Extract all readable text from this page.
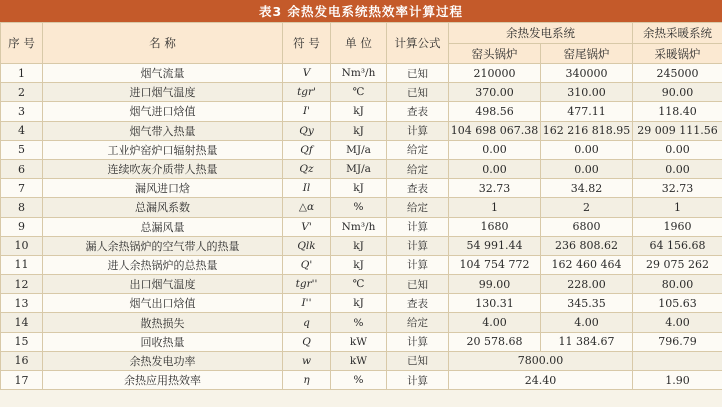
表3 余热发电系统热效率计算过程
序 号	名 称	符 号	单 位	计算公式	余热发电系统		余热采暖系统
					窑头锅炉	窑尾锅炉	采暖锅炉
1	烟气流量	V	Nm³/h	已知	210000	340000	245000
2	进口烟气温度	tgr'	℃	已知	370.00	310.00	90.00
3	烟气进口焓值	I'	kJ	查表	498.56	477.11	118.40
4	烟气带入热量	Qy	kJ	计算	104 698 067.38	162 216 818.95	29 009 111.56
5	工业炉窑炉口辐射热量	Qf	MJ/a	给定	0.00	0.00	0.00
6	连续吹灰介质带人热量	Qz	MJ/a	给定	0.00	0.00	0.00
7	漏风进口焓	Il	kJ	查表	32.73	34.82	32.73
8	总漏风系数	△α	%	给定	1	2	1
9	总漏风量	V'	Nm³/h	计算	1680	6800	1960
10	漏人余热锅炉的空气带人的热量	Qlk	kJ	计算	54 991.44	236 808.62	64 156.68
11	进人余热锅炉的总热量	Q'	kJ	计算	104 754 772	162 460 464	29 075 262
12	出口烟气温度	tgr''	℃	已知	99.00	228.00	80.00
13	烟气出口焓值	I''	kJ	查表	130.31	345.35	105.63
14	散热损失	q	%	给定	4.00	4.00	4.00
15	回收热量	Q	kW	计算	20 578.68	11 384.67	796.79
16	余热发电功率	w	kW	已知	7800.00		
17	余热应用热效率	η	%	计算	24.40		1.90
